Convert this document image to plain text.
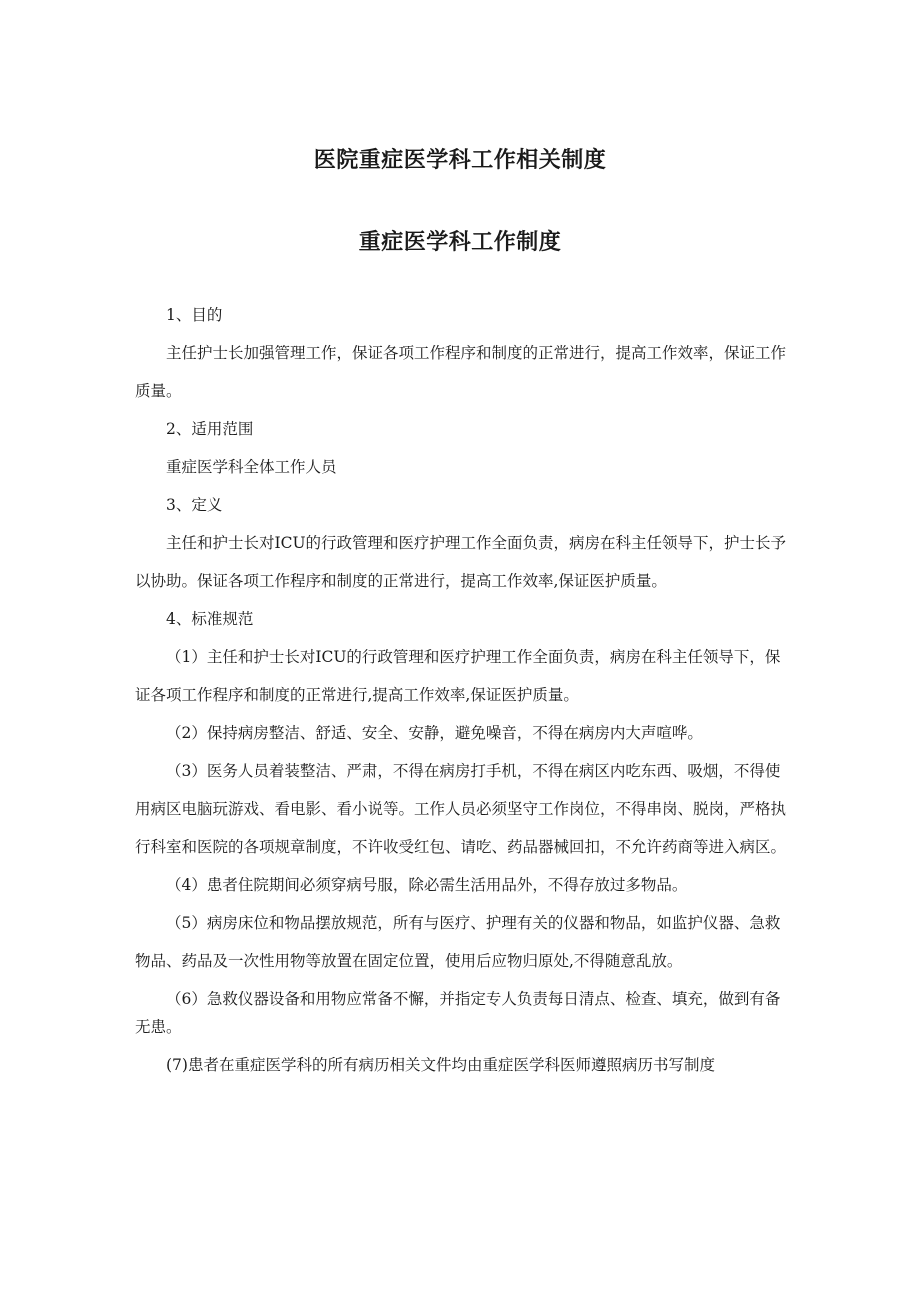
医院重症医学科工作相关制度
重症医学科工作制度

1、目的

主任护士长加强管理工作，保证各项工作程序和制度的正常进行，提高工作效率，保证工作质量。

2、适用范围

重症医学科全体工作人员

3、定义

主任和护士长对ICU的行政管理和医疗护理工作全面负责，病房在科主任领导下，护士长予以协助。保证各项工作程序和制度的正常进行，提高工作效率,保证医护质量。

4、标准规范

（1）主任和护士长对ICU的行政管理和医疗护理工作全面负责，病房在科主任领导下，保证各项工作程序和制度的正常进行,提高工作效率,保证医护质量。

（2）保持病房整洁、舒适、安全、安静，避免噪音，不得在病房内大声喧哗。

（3）医务人员着装整洁、严肃，不得在病房打手机，不得在病区内吃东西、吸烟，不得使用病区电脑玩游戏、看电影、看小说等。工作人员必须坚守工作岗位，不得串岗、脱岗，严格执行科室和医院的各项规章制度，不许收受红包、请吃、药品器械回扣，不允许药商等进入病区。

（4）患者住院期间必须穿病号服，除必需生活用品外，不得存放过多物品。

（5）病房床位和物品摆放规范，所有与医疗、护理有关的仪器和物品，如监护仪器、急救物品、药品及一次性用物等放置在固定位置，使用后应物归原处,不得随意乱放。

（6）急救仪器设备和用物应常备不懈，并指定专人负责每日清点、检查、填充，做到有备无患。

(7)患者在重症医学科的所有病历相关文件均由重症医学科医师遵照病历书写制度
